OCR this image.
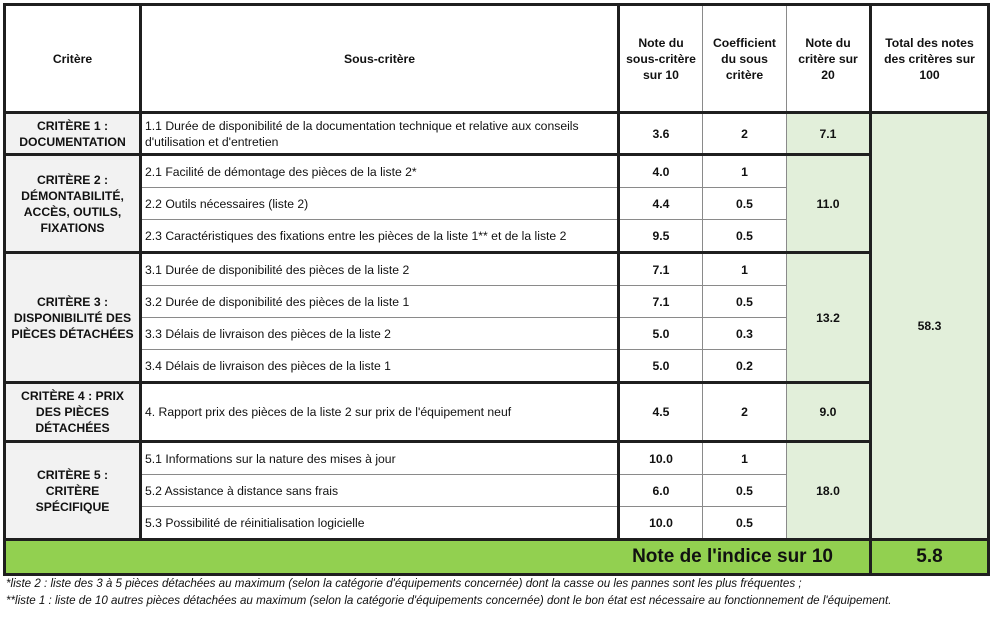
Critère	Sous-critère	Note du sous-critère sur 10	Coefficient du sous critère	Note du critère sur 20	Total des notes des critères sur 100
CRITÈRE 1 : DOCUMENTATION	1.1 Durée de disponibilité de la documentation technique et relative aux conseils d'utilisation et d'entretien	3.6	2	7.1	58.3
CRITÈRE 2 : DÉMONTABILITÉ, ACCÈS, OUTILS, FIXATIONS	2.1 Facilité de démontage des pièces de la liste 2*	4.0	1	11.0	
	2.2 Outils nécessaires (liste 2)	4.4	0.5		
	2.3 Caractéristiques des fixations entre les pièces de la liste 1** et de la liste 2	9.5	0.5		
CRITÈRE 3 : DISPONIBILITÉ DES PIÈCES DÉTACHÉES	3.1 Durée de disponibilité des pièces de la liste 2	7.1	1	13.2	
	3.2 Durée de disponibilité des pièces de la liste 1	7.1	0.5		
	3.3 Délais de livraison des pièces de la liste 2	5.0	0.3		
	3.4 Délais de livraison des pièces de la liste 1	5.0	0.2		
CRITÈRE 4 : PRIX DES PIÈCES DÉTACHÉES	4. Rapport prix des pièces de la liste 2 sur prix de l'équipement neuf	4.5	2	9.0	
CRITÈRE 5 : CRITÈRE SPÉCIFIQUE	5.1 Informations sur la nature des mises à jour	10.0	1	18.0	
	5.2 Assistance à distance sans frais	6.0	0.5		
	5.3 Possibilité de réinitialisation logicielle	10.0	0.5		
Note de l'indice sur 10					5.8

*liste 2 : liste des 3 à 5 pièces détachées au maximum (selon la catégorie d'équipements concernée) dont la casse ou les pannes sont les plus fréquentes ;

**liste 1 : liste de 10 autres pièces détachées au maximum (selon la catégorie d'équipements concernée) dont le bon état est nécessaire au fonctionnement de l'équipement.
